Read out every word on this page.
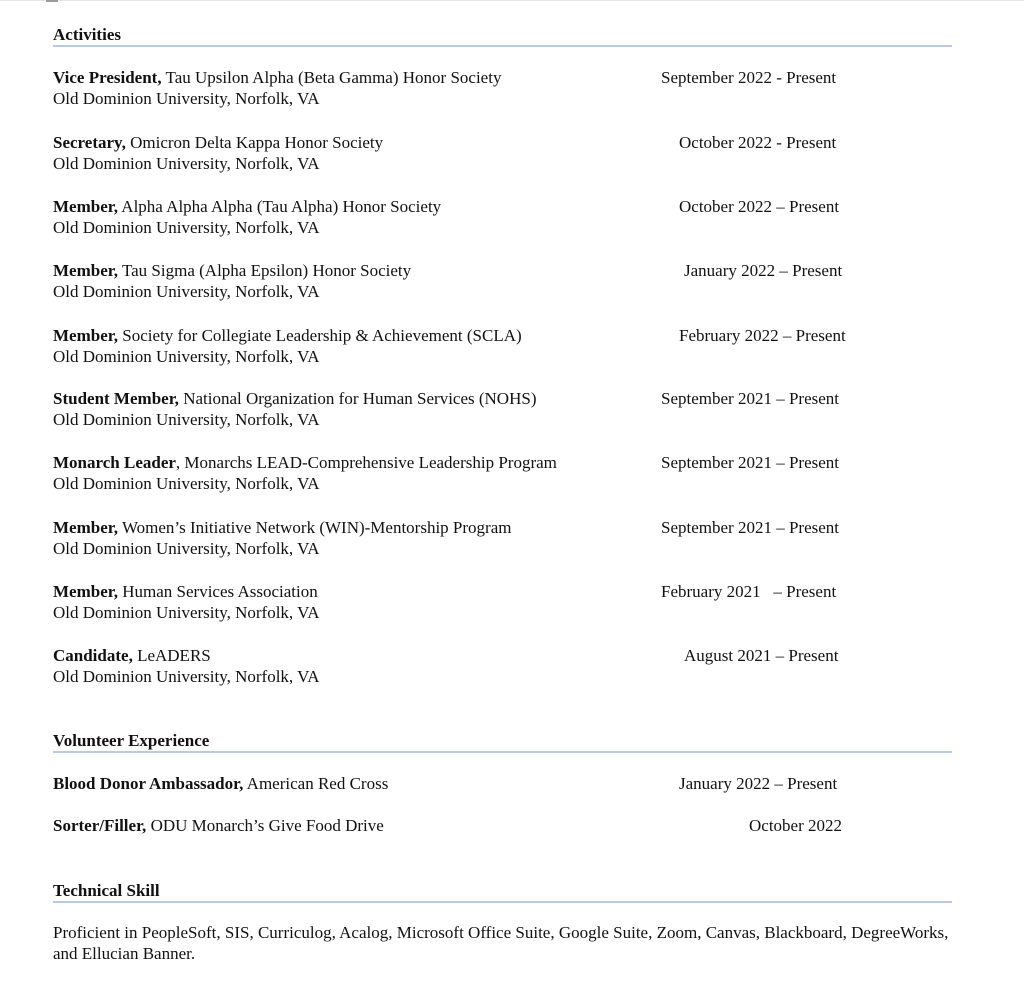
Activities
Vice President, Tau Upsilon Alpha (Beta Gamma) Honor Society
Old Dominion University, Norfolk, VA
September 2022 - Present
Secretary, Omicron Delta Kappa Honor Society
Old Dominion University, Norfolk, VA
October 2022 - Present
Member, Alpha Alpha Alpha (Tau Alpha) Honor Society
Old Dominion University, Norfolk, VA
October 2022 – Present
Member, Tau Sigma (Alpha Epsilon) Honor Society
Old Dominion University, Norfolk, VA
January 2022 – Present
Member, Society for Collegiate Leadership & Achievement (SCLA)
Old Dominion University, Norfolk, VA
February 2022 – Present
Student Member, National Organization for Human Services (NOHS)
Old Dominion University, Norfolk, VA
September 2021 – Present
Monarch Leader, Monarchs LEAD-Comprehensive Leadership Program
Old Dominion University, Norfolk, VA
September 2021 – Present
Member, Women’s Initiative Network (WIN)-Mentorship Program
Old Dominion University, Norfolk, VA
September 2021 – Present
Member, Human Services Association
Old Dominion University, Norfolk, VA
February 2021   – Present
Candidate, LeADERS
Old Dominion University, Norfolk, VA
August 2021 – Present
Volunteer Experience
Blood Donor Ambassador, American Red Cross	January 2022 – Present
Sorter/Filler, ODU Monarch’s Give Food Drive	October 2022
Technical Skill
Proficient in PeopleSoft, SIS, Curriculog, Acalog, Microsoft Office Suite, Google Suite, Zoom, Canvas, Blackboard, DegreeWorks, and Ellucian Banner.
